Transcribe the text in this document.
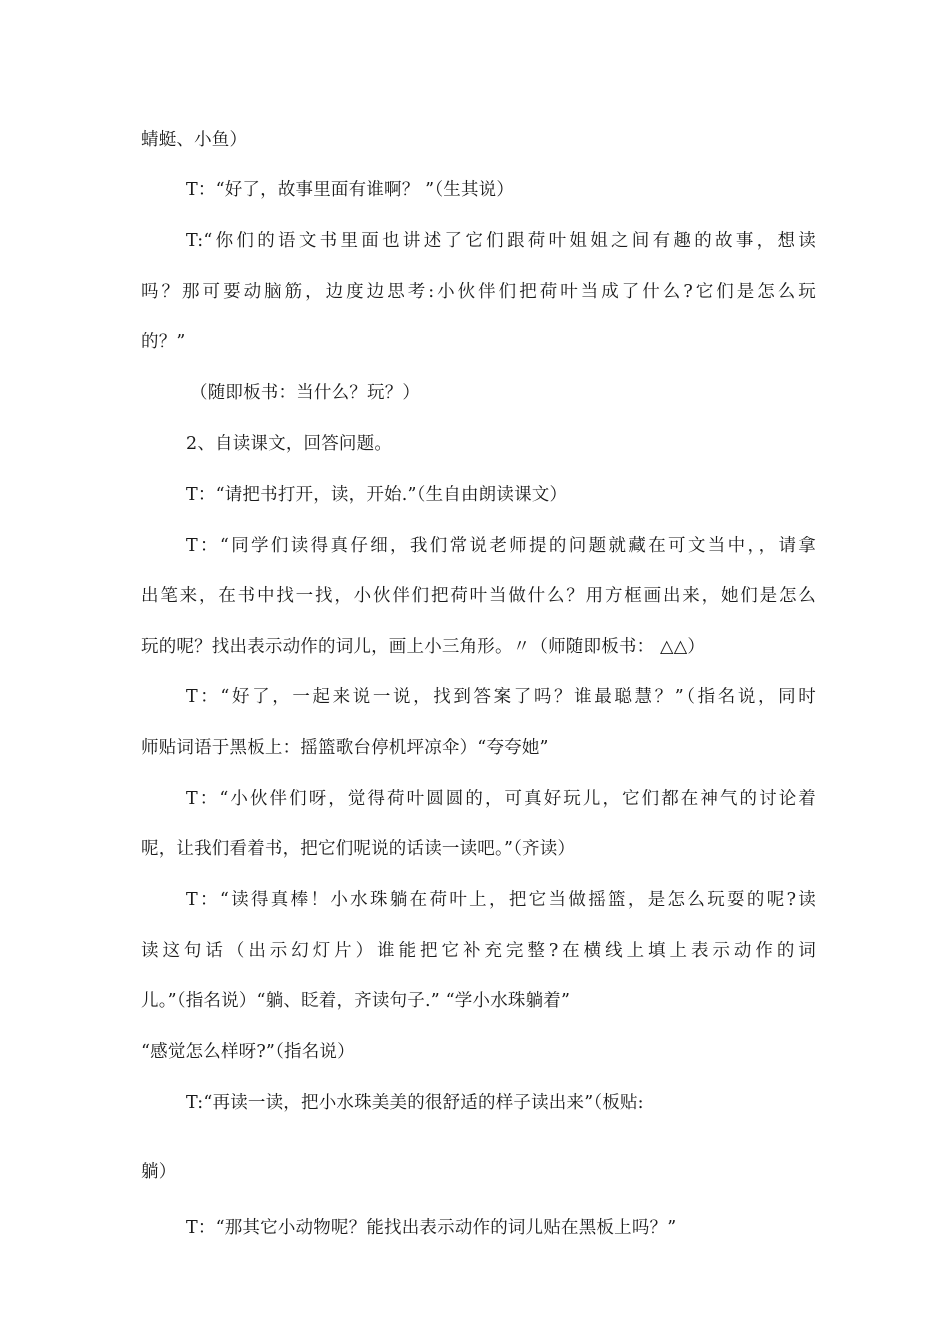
蜻蜓、小鱼）
T：“好了，故事里面有谁啊？ ”（生其说）
T:“你们的语文书里面也讲述了它们跟荷叶姐姐之间有趣的故事，想读
吗？那可要动脑筋，边度边思考:小伙伴们把荷叶当成了什么?它们是怎么玩
的？”
（随即板书：当什么？玩？）
2、自读课文，回答问题。
T：“请把书打开，读，开始.”（生自由朗读课文）
T：“同学们读得真仔细，我们常说老师提的问题就藏在可文当中，，请拿
出笔来，在书中找一找，小伙伴们把荷叶当做什么？用方框画出来，她们是怎么
玩的呢？找出表示动作的词儿，画上小三角形。〃（师随即板书： △△）
T：“好了，一起来说一说，找到答案了吗？谁最聪慧？”（指名说，同时
师贴词语于黑板上：摇篮歌台停机坪凉伞）“夸夸她”
T：“小伙伴们呀，觉得荷叶圆圆的，可真好玩儿，它们都在神气的讨论着
呢，让我们看着书，把它们呢说的话读一读吧。”（齐读）
T：“读得真棒！小水珠躺在荷叶上，把它当做摇篮，是怎么玩耍的呢?读
读这句话（出示幻灯片）谁能把它补充完整?在横线上填上表示动作的词
儿。”（指名说）“躺、眨着，齐读句子.” “学小水珠躺着”
“感觉怎么样呀?”（指名说）
T:“再读一读，把小水珠美美的很舒适的样子读出来”（板贴:
躺）
T：“那其它小动物呢？能找出表示动作的词儿贴在黑板上吗？”
